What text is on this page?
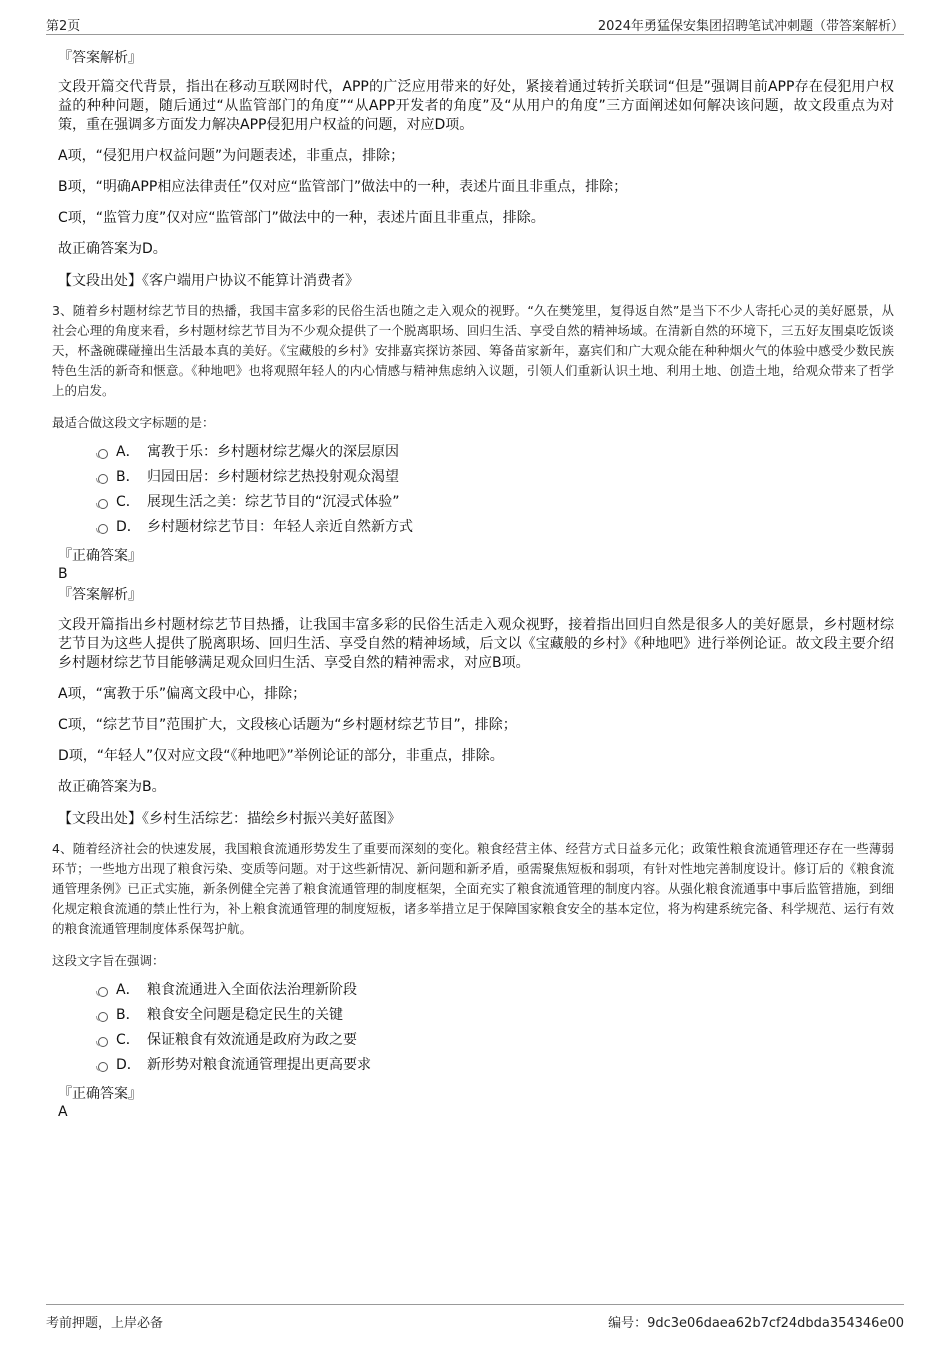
第2页	2024年勇猛保安集团招聘笔试冲刺题（带答案解析）

『答案解析』

文段开篇交代背景，指出在移动互联网时代，APP的广泛应用带来的好处，紧接着通过转折关联词“但是”强调目前APP存在侵犯用户权益的种种问题，随后通过“从监管部门的角度”“从APP开发者的角度”及“从用户的角度”三方面阐述如何解决该问题，故文段重点为对策，重在强调多方面发力解决APP侵犯用户权益的问题，对应D项。

A项，“侵犯用户权益问题”为问题表述，非重点，排除；

B项，“明确APP相应法律责任”仅对应“监管部门”做法中的一种，表述片面且非重点，排除；

C项，“监管力度”仅对应“监管部门”做法中的一种，表述片面且非重点，排除。

故正确答案为D。

【文段出处】《客户端用户协议不能算计消费者》

3、随着乡村题材综艺节目的热播，我国丰富多彩的民俗生活也随之走入观众的视野。“久在樊笼里，复得返自然”是当下不少人寄托心灵的美好愿景，从社会心理的角度来看，乡村题材综艺节目为不少观众提供了一个脱离职场、回归生活、享受自然的精神场域。在清新自然的环境下，三五好友围桌吃饭谈天，杯盏碗碟碰撞出生活最本真的美好。《宝藏般的乡村》安排嘉宾探访茶园、筹备苗家新年，嘉宾们和广大观众能在种种烟火气的体验中感受少数民族特色生活的新奇和惬意。《种地吧》也将观照年轻人的内心情感与精神焦虑纳入议题，引领人们重新认识土地、利用土地、创造土地，给观众带来了哲学上的启发。

最适合做这段文字标题的是：

A． 寓教于乐：乡村题材综艺爆火的深层原因
B． 归园田居：乡村题材综艺热投射观众渴望
C． 展现生活之美：综艺节目的“沉浸式体验”
D． 乡村题材综艺节目：年轻人亲近自然新方式

『正确答案』

B

『答案解析』

文段开篇指出乡村题材综艺节目热播，让我国丰富多彩的民俗生活走入观众视野，接着指出回归自然是很多人的美好愿景，乡村题材综艺节目为这些人提供了脱离职场、回归生活、享受自然的精神场域，后文以《宝藏般的乡村》《种地吧》进行举例论证。故文段主要介绍乡村题材综艺节目能够满足观众回归生活、享受自然的精神需求，对应B项。

A项，“寓教于乐”偏离文段中心，排除；

C项，“综艺节目”范围扩大，文段核心话题为“乡村题材综艺节目”，排除；

D项，“年轻人”仅对应文段“《种地吧》”举例论证的部分，非重点，排除。

故正确答案为B。

【文段出处】《乡村生活综艺：描绘乡村振兴美好蓝图》

4、随着经济社会的快速发展，我国粮食流通形势发生了重要而深刻的变化。粮食经营主体、经营方式日益多元化；政策性粮食流通管理还存在一些薄弱环节；一些地方出现了粮食污染、变质等问题。对于这些新情况、新问题和新矛盾，亟需聚焦短板和弱项，有针对性地完善制度设计。修订后的《粮食流通管理条例》已正式实施，新条例健全完善了粮食流通管理的制度框架，全面充实了粮食流通管理的制度内容。从强化粮食流通事中事后监管措施，到细化规定粮食流通的禁止性行为，补上粮食流通管理的制度短板，诸多举措立足于保障国家粮食安全的基本定位，将为构建系统完备、科学规范、运行有效的粮食流通管理制度体系保驾护航。

这段文字旨在强调：

A． 粮食流通进入全面依法治理新阶段
B． 粮食安全问题是稳定民生的关键
C． 保证粮食有效流通是政府为政之要
D． 新形势对粮食流通管理提出更高要求

『正确答案』

A

考前押题，上岸必备	编号：9dc3e06daea62b7cf24dbda354346e00
